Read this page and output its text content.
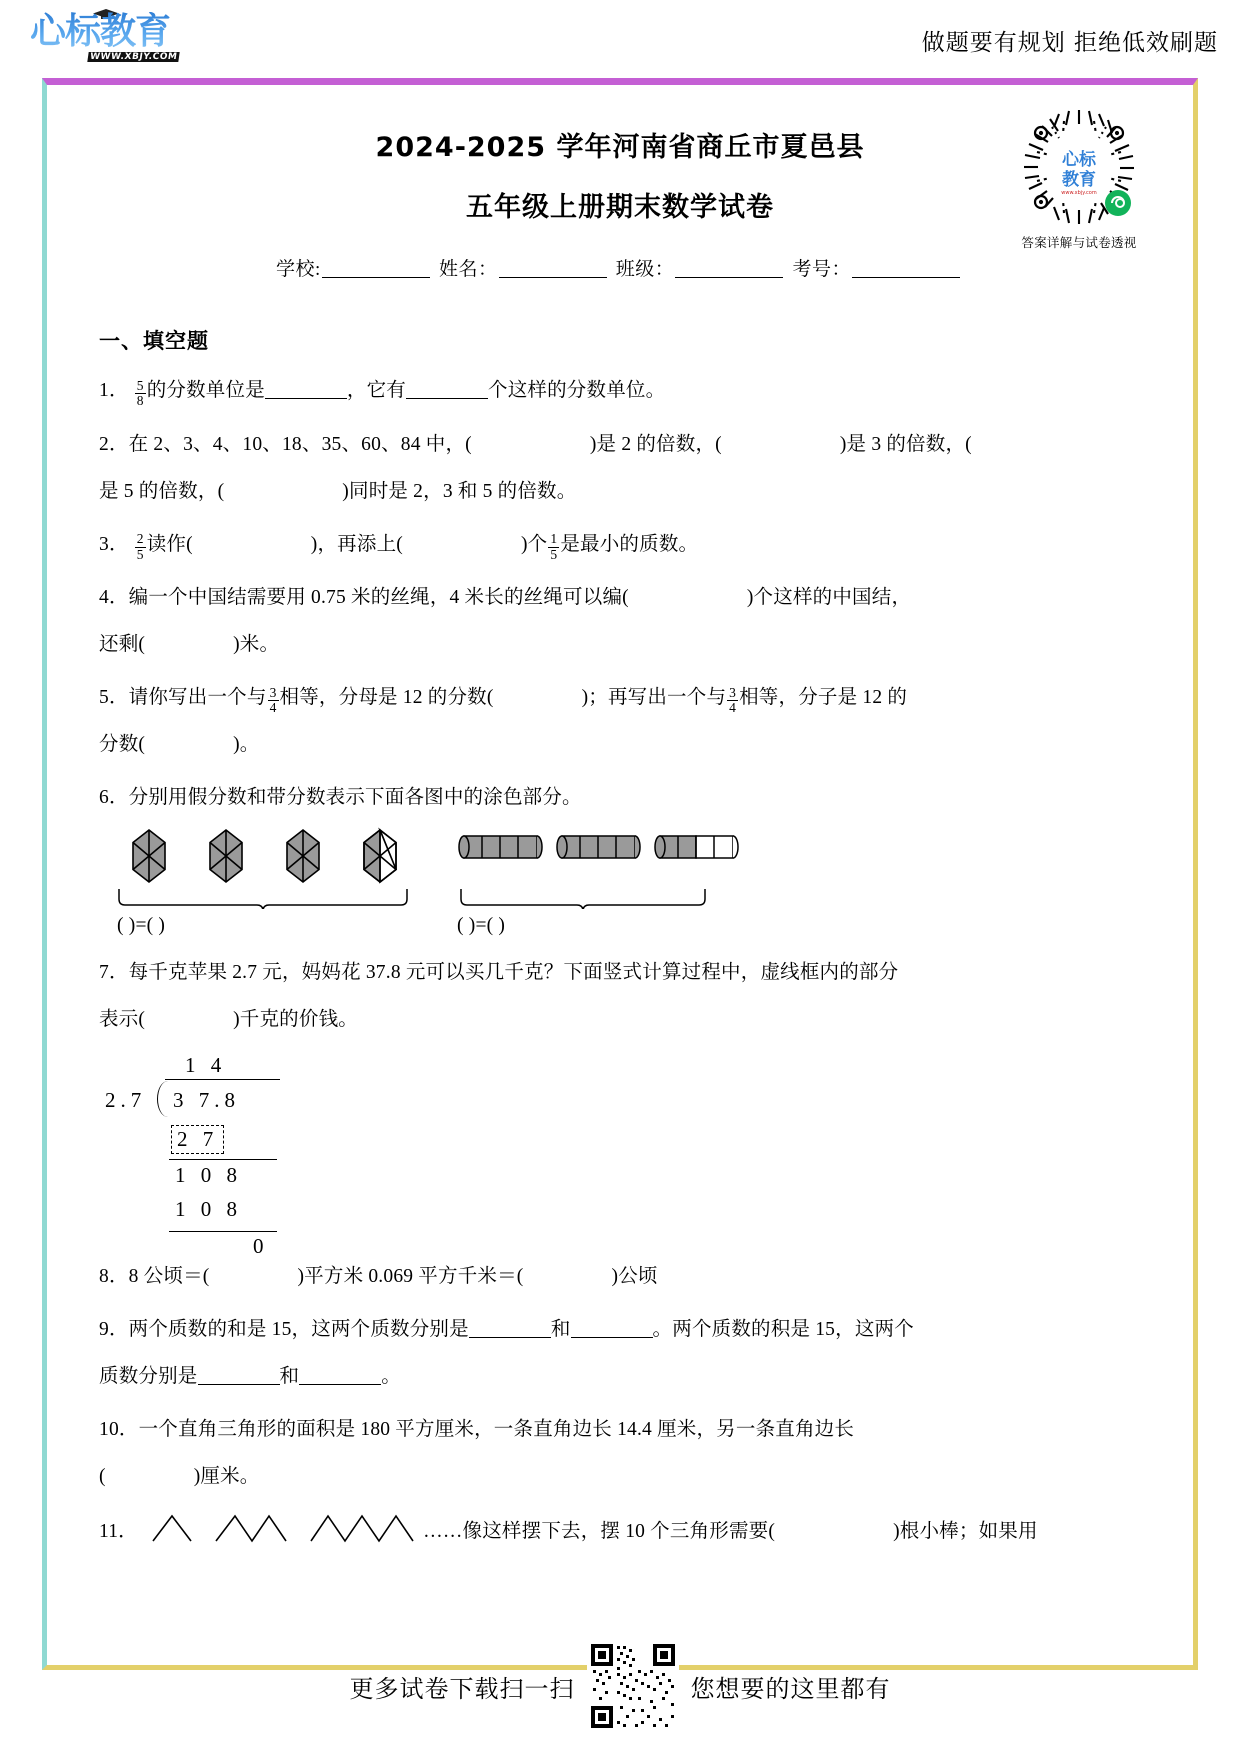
心标教育
WWW.XBJY.COM
做题要有规划 拒绝低效刷题
心标
教育
www.xbjy.com
答案详解与试卷透视
2024-2025 学年河南省商丘市夏邑县
五年级上册期末数学试卷
学校:	姓名：	班级：	考号：
一、填空题
1． $\frac{5}{8}$ 的分数单位是	，它有	个这样的分数单位。
2．在 2、3、4、10、18、35、60、84 中，(	)是 2 的倍数，(	)是 3 的倍数，(
是 5 的倍数，(	)同时是 2，3 和 5 的倍数。
3． $\frac{2}{5}$ 读作(	)，再添上(	)个 $\frac{1}{5}$ 是最小的质数。
4．编一个中国结需要用 0.75 米的丝绳，4 米长的丝绳可以编(	)个这样的中国结，
还剩(	)米。
5．请你写出一个与 $\frac{3}{4}$ 相等，分母是 12 的分数(	)；再写出一个与 $\frac{3}{4}$ 相等，分子是 12 的
分数(	)。
6．分别用假分数和带分数表示下面各图中的涂色部分。
( )=( )	( )=( )
7．每千克苹果 2.7 元，妈妈花 37.8 元可以买几千克？下面竖式计算过程中，虚线框内的部分
表示(	)千克的价钱。
2.7
1 4
3 7.8
2 7
1 0 8
1 0 8
0
8．8 公顷＝(	)平方米 0.069 平方千米＝(	)公顷
9．两个质数的和是 15，这两个质数分别是	和	。两个质数的积是 15，这两个
质数分别是	和	。
10．一个直角三角形的面积是 180 平方厘米，一条直角边长 14.4 厘米，另一条直角边长
(	)厘米。
11．	……像这样摆下去，摆 10 个三角形需要(	)根小棒；如果用
更多试卷下载扫一扫	您想要的这里都有
